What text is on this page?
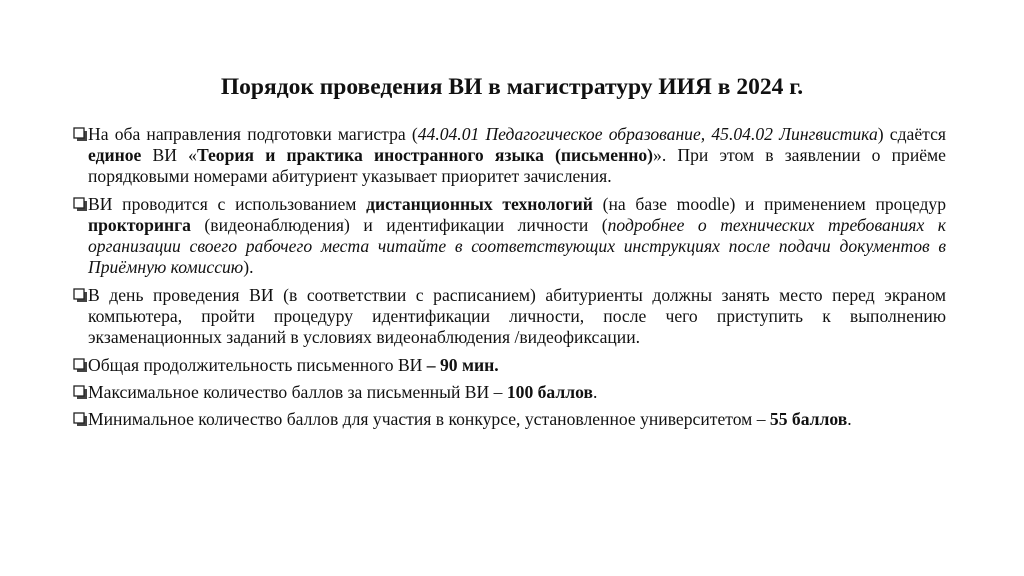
Порядок проведения ВИ в магистратуру ИИЯ в 2024 г.
На оба направления подготовки магистра (44.04.01 Педагогическое образование, 45.04.02 Лингвистика) сдаётся единое ВИ «Теория и практика иностранного языка (письменно)». При этом в заявлении о приёме порядковыми номерами абитуриент указывает приоритет зачисления.
ВИ проводится с использованием дистанционных технологий (на базе moodle) и применением процедур прокторинга (видеонаблюдения) и идентификации личности (подробнее о технических требованиях к организации своего рабочего места читайте в соответствующих инструкциях после подачи документов в Приёмную комиссию).
В день проведения ВИ (в соответствии с расписанием) абитуриенты должны занять место перед экраном компьютера, пройти процедуру идентификации личности, после чего приступить к выполнению экзаменационных заданий в условиях видеонаблюдения /видеофиксации.
Общая продолжительность письменного ВИ – 90 мин.
Максимальное количество баллов за письменный ВИ – 100 баллов.
Минимальное количество баллов для участия в конкурсе, установленное университетом – 55 баллов.
